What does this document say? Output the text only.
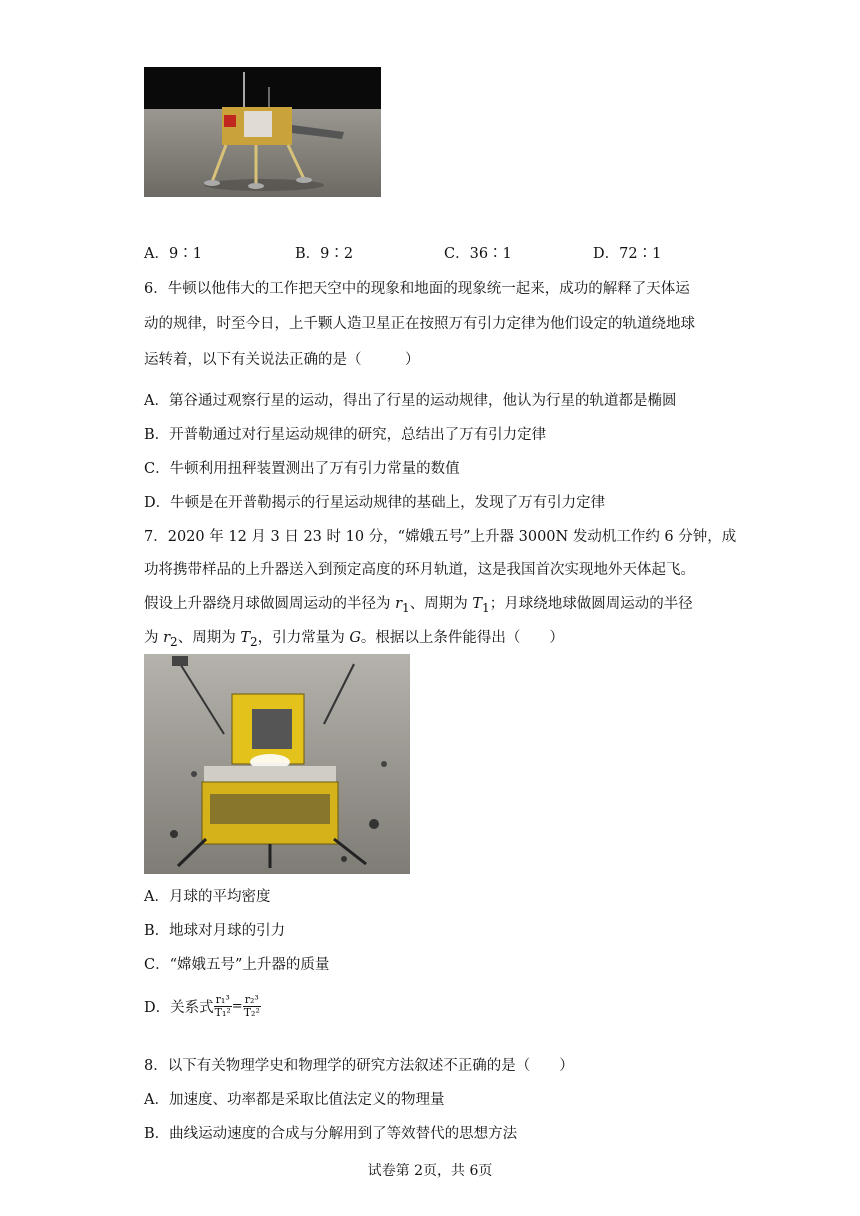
A．9∶1	B．9∶2	C．36∶1	D．72∶1
6．牛顿以他伟大的工作把天空中的现象和地面的现象统一起来，成功的解释了天体运
动的规律，时至今日，上千颗人造卫星正在按照万有引力定律为他们设定的轨道绕地球
运转着，以下有关说法正确的是（　　　）
A．第谷通过观察行星的运动，得出了行星的运动规律，他认为行星的轨道都是椭圆
B．开普勒通过对行星运动规律的研究，总结出了万有引力定律
C．牛顿利用扭秤装置测出了万有引力常量的数值
D．牛顿是在开普勒揭示的行星运动规律的基础上，发现了万有引力定律
7．2020 年 12 月 3 日 23 时 10 分，“嫦娥五号”上升器 3000N 发动机工作约 6 分钟，成
功将携带样品的上升器送入到预定高度的环月轨道，这是我国首次实现地外天体起飞。
假设上升器绕月球做圆周运动的半径为 $r_1$、周期为 $T_1$；月球绕地球做圆周运动的半径
为 $r_2$、周期为 $T_2$，引力常量为 G。根据以上条件能得出（　　）
A．月球的平均密度
B．地球对月球的引力
C．“嫦娥五号”上升器的质量
D．关系式 $\frac{\text{r₁³}}{\text{T₁²}} = \frac{\text{r₂³}}{\text{T₂²}}$
8．以下有关物理学史和物理学的研究方法叙述不正确的是（　　）
A．加速度、功率都是采取比值法定义的物理量
B．曲线运动速度的合成与分解用到了等效替代的思想方法
试卷第 2页，共 6页
